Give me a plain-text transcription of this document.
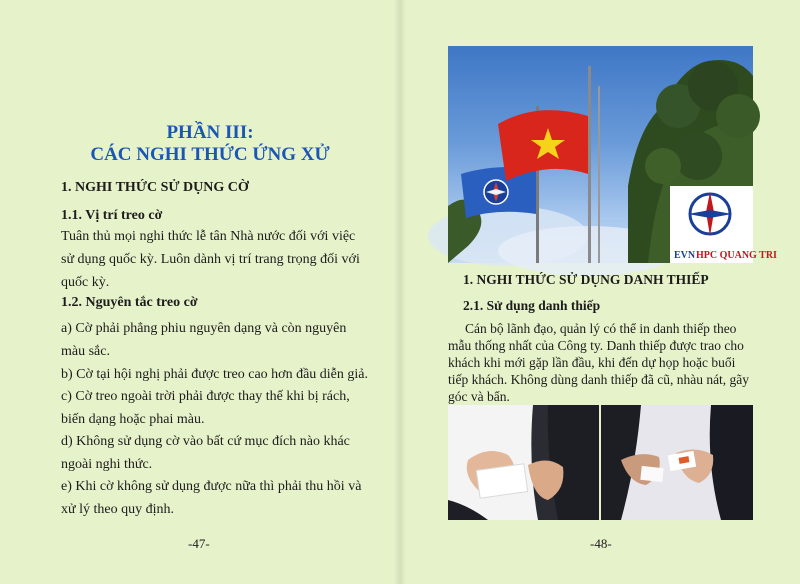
PHẦN III:
CÁC NGHI THỨC ỨNG XỬ
1. NGHI THỨC SỬ DỤNG CỜ
1.1. Vị trí treo cờ
Tuân thủ mọi nghi thức lễ tân Nhà nước đối với việc
sử dụng quốc kỳ. Luôn dành vị trí trang trọng đối với
quốc kỳ.
1.2. Nguyên tắc treo cờ
a) Cờ phải phẳng phiu nguyên dạng và còn nguyên
màu sắc.
b) Cờ tại hội nghị phải được treo cao hơn đầu diễn giả.
c) Cờ treo ngoài trời phải được thay thế khi bị rách,
biến dạng hoặc phai màu.
d) Không sử dụng cờ vào bất cứ mục đích nào khác
ngoài nghi thức.
e) Khi cờ không sử dụng được nữa thì phải thu hồi và
xử lý theo quy định.
-47-
EVN HPC QUANG TRI
1. NGHI THỨC SỬ DỤNG DANH THIẾP
2.1. Sử dụng danh thiếp
Cán bộ lãnh đạo, quản lý có thể in danh thiếp theo
mẫu thống nhất của Công ty. Danh thiếp được trao cho
khách khi mới gặp lần đầu, khi đến dự họp hoặc buổi
tiếp khách. Không dùng danh thiếp đã cũ, nhàu nát, gãy
góc và bẩn.
-48-
